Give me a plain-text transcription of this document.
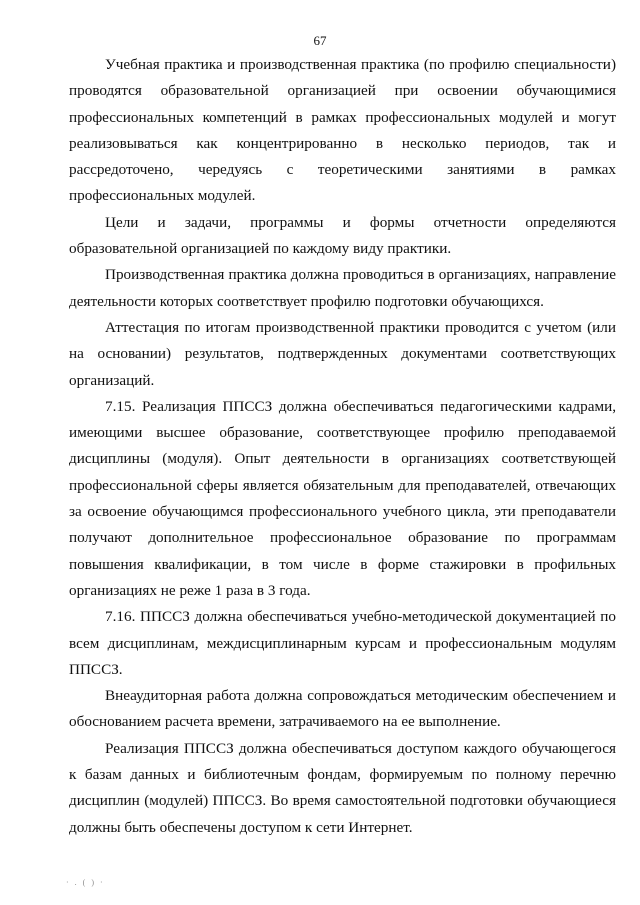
67

Учебная практика и производственная практика (по профилю специальности) проводятся образовательной организацией при освоении обучающимися профессиональных компетенций в рамках профессиональных модулей и могут реализовываться как концентрированно в несколько периодов, так и рассредоточено, чередуясь с теоретическими занятиями в рамках профессиональных модулей.

Цели и задачи, программы и формы отчетности определяются образовательной организацией по каждому виду практики.

Производственная практика должна проводиться в организациях, направление деятельности которых соответствует профилю подготовки обучающихся.

Аттестация по итогам производственной практики проводится с учетом (или на основании) результатов, подтвержденных документами соответствующих организаций.

7.15. Реализация ППССЗ должна обеспечиваться педагогическими кадрами, имеющими высшее образование, соответствующее профилю преподаваемой дисциплины (модуля). Опыт деятельности в организациях соответствующей профессиональной сферы является обязательным для преподавателей, отвечающих за освоение обучающимся профессионального учебного цикла, эти преподаватели получают дополнительное профессиональное образование по программам повышения квалификации, в том числе в форме стажировки в профильных организациях не реже 1 раза в 3 года.

7.16. ППССЗ должна обеспечиваться учебно-методической документацией по всем дисциплинам, междисциплинарным курсам и профессиональным модулям ППССЗ.

Внеаудиторная работа должна сопровождаться методическим обеспечением и обоснованием расчета времени, затрачиваемого на ее выполнение.

Реализация ППССЗ должна обеспечиваться доступом каждого обучающегося к базам данных и библиотечным фондам, формируемым по полному перечню дисциплин (модулей) ППССЗ. Во время самостоятельной подготовки обучающиеся должны быть обеспечены доступом к сети Интернет.

· . ( ) ·
